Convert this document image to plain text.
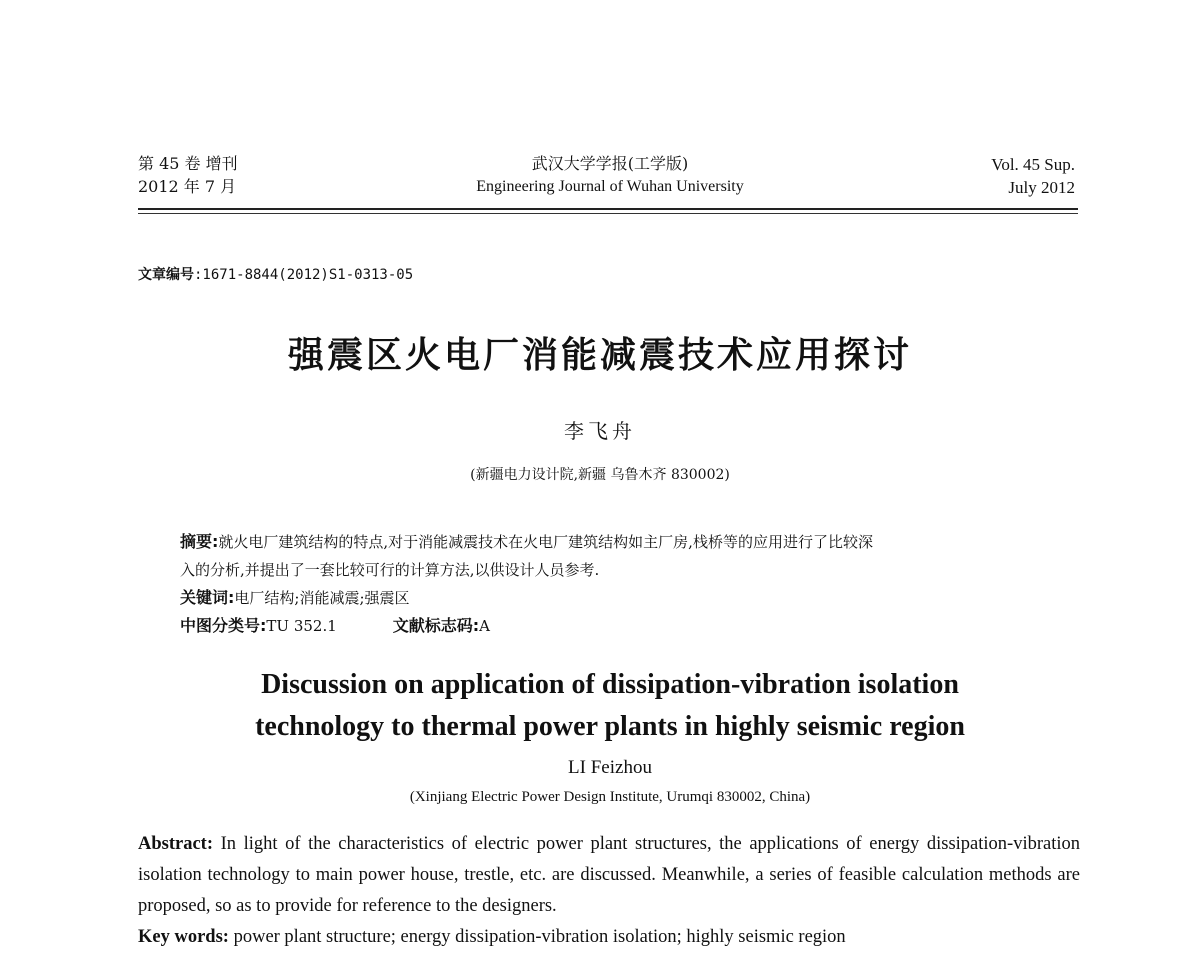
第 45 卷 增刊
2012 年 7 月
武汉大学学报(工学版)
Engineering Journal of Wuhan University
Vol. 45 Sup.
July 2012
文章编号:1671-8844(2012)S1-0313-05
强震区火电厂消能减震技术应用探讨
李飞舟
(新疆电力设计院,新疆 乌鲁木齐 830002)
摘要:就火电厂建筑结构的特点,对于消能减震技术在火电厂建筑结构如主厂房,栈桥等的应用进行了比较深
入的分析,并提出了一套比较可行的计算方法,以供设计人员参考.
关键词:电厂结构;消能减震;强震区
中图分类号:TU 352.1	文献标志码:A
Discussion on application of dissipation-vibration isolation
technology to thermal power plants in highly seismic region
LI Feizhou
(Xinjiang Electric Power Design Institute, Urumqi 830002, China)
Abstract: In light of the characteristics of electric power plant structures, the applications of energy dissipation-vibration isolation technology to main power house, trestle, etc. are discussed. Meanwhile, a series of feasible calculation methods are proposed, so as to provide for reference to the designers.
Key words: power plant structure; energy dissipation-vibration isolation; highly seismic region
